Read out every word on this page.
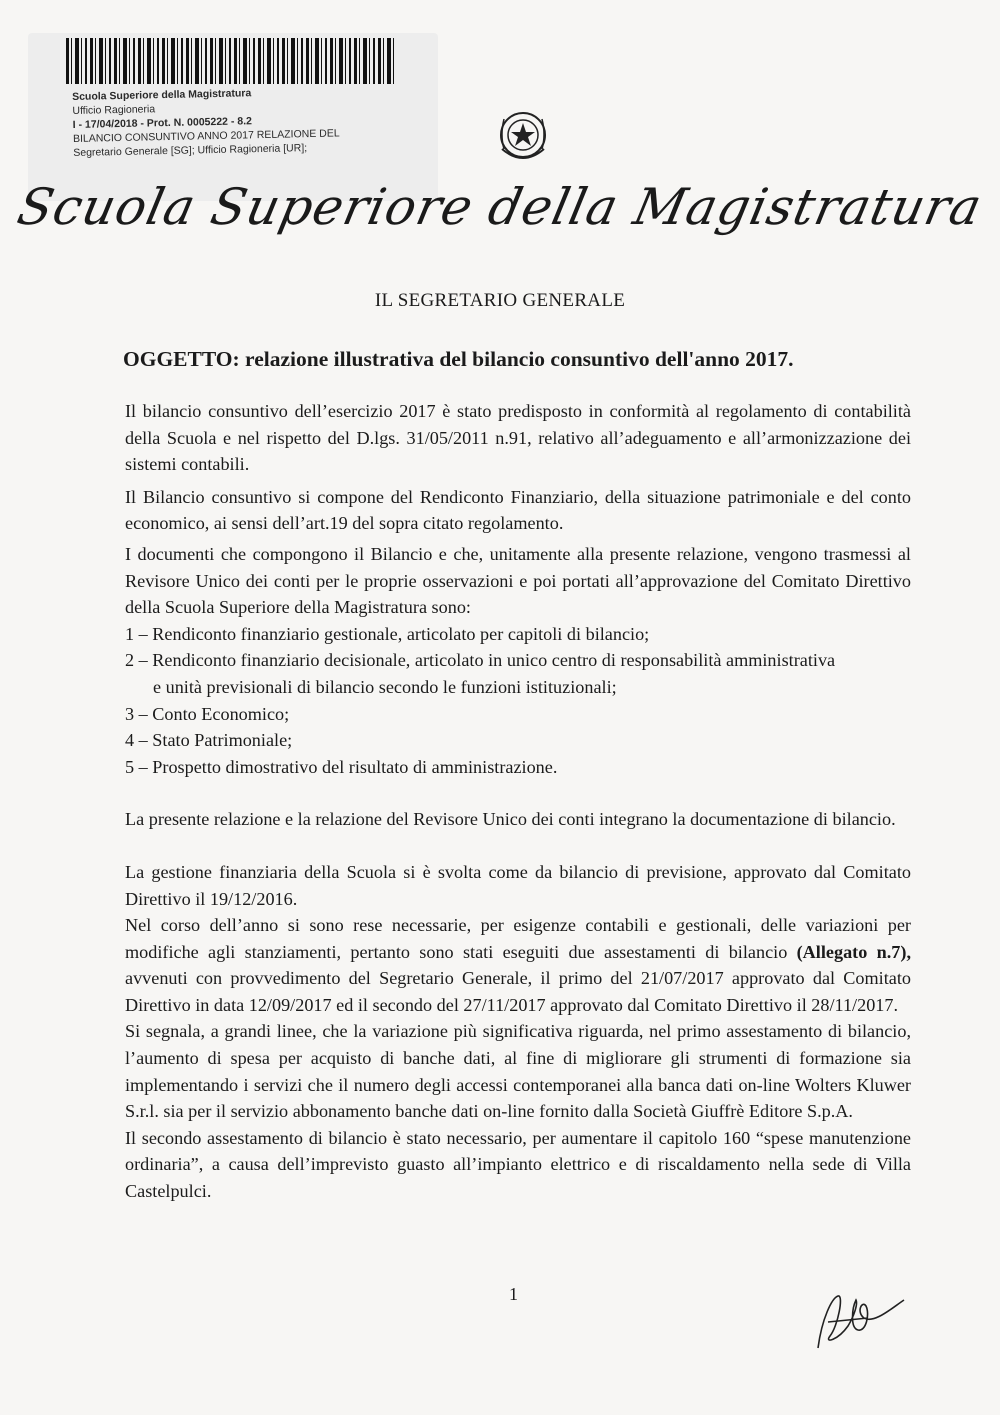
Scuola Superiore della Magistratura
Ufficio Ragioneria
I - 17/04/2018 - Prot. N. 0005222 - 8.2
BILANCIO CONSUNTIVO ANNO 2017 RELAZIONE DEL
Segretario Generale [SG]; Ufficio Ragioneria [UR];
Scuola Superiore della Magistratura
IL SEGRETARIO GENERALE
OGGETTO: relazione illustrativa del bilancio consuntivo dell'anno 2017.

Il bilancio consuntivo dell’esercizio 2017 è stato predisposto in conformità al regolamento di contabilità della Scuola e nel rispetto del D.lgs. 31/05/2011 n.91, relativo all’adeguamento e all’armonizzazione dei sistemi contabili.

Il Bilancio consuntivo si compone del Rendiconto Finanziario, della situazione patrimoniale e del conto economico, ai sensi dell’art.19 del sopra citato regolamento.

I documenti che compongono il Bilancio e che, unitamente alla presente relazione, vengono trasmessi al Revisore Unico dei conti per le proprie osservazioni e poi portati all’approvazione del Comitato Direttivo della Scuola Superiore della Magistratura sono:

1 – Rendiconto finanziario gestionale, articolato per capitoli di bilancio;

2 – Rendiconto finanziario decisionale, articolato in unico centro di responsabilità amministrativa

e unità previsionali di bilancio secondo le funzioni istituzionali;

3 – Conto Economico;

4 – Stato Patrimoniale;

5 – Prospetto dimostrativo del risultato di amministrazione.

La presente relazione e la relazione del Revisore Unico dei conti integrano la documentazione di bilancio.

La gestione finanziaria della Scuola si è svolta come da bilancio di previsione, approvato dal Comitato Direttivo il 19/12/2016.

Nel corso dell’anno si sono rese necessarie, per esigenze contabili e gestionali, delle variazioni per modifiche agli stanziamenti, pertanto sono stati eseguiti due assestamenti di bilancio (Allegato n.7), avvenuti con provvedimento del Segretario Generale, il primo del 21/07/2017 approvato dal Comitato Direttivo in data 12/09/2017 ed il secondo del 27/11/2017 approvato dal Comitato Direttivo il 28/11/2017.

Si segnala, a grandi linee, che la variazione più significativa riguarda, nel primo assestamento di bilancio, l’aumento di spesa per acquisto di banche dati, al fine di migliorare gli strumenti di formazione sia implementando i servizi che il numero degli accessi contemporanei alla banca dati on-line Wolters Kluwer S.r.l. sia per il servizio abbonamento banche dati on-line fornito dalla Società Giuffrè Editore S.p.A.

Il secondo assestamento di bilancio è stato necessario, per aumentare il capitolo 160 “spese manutenzione ordinaria”, a causa dell’imprevisto guasto all’impianto elettrico e di riscaldamento nella sede di Villa Castelpulci.

1
